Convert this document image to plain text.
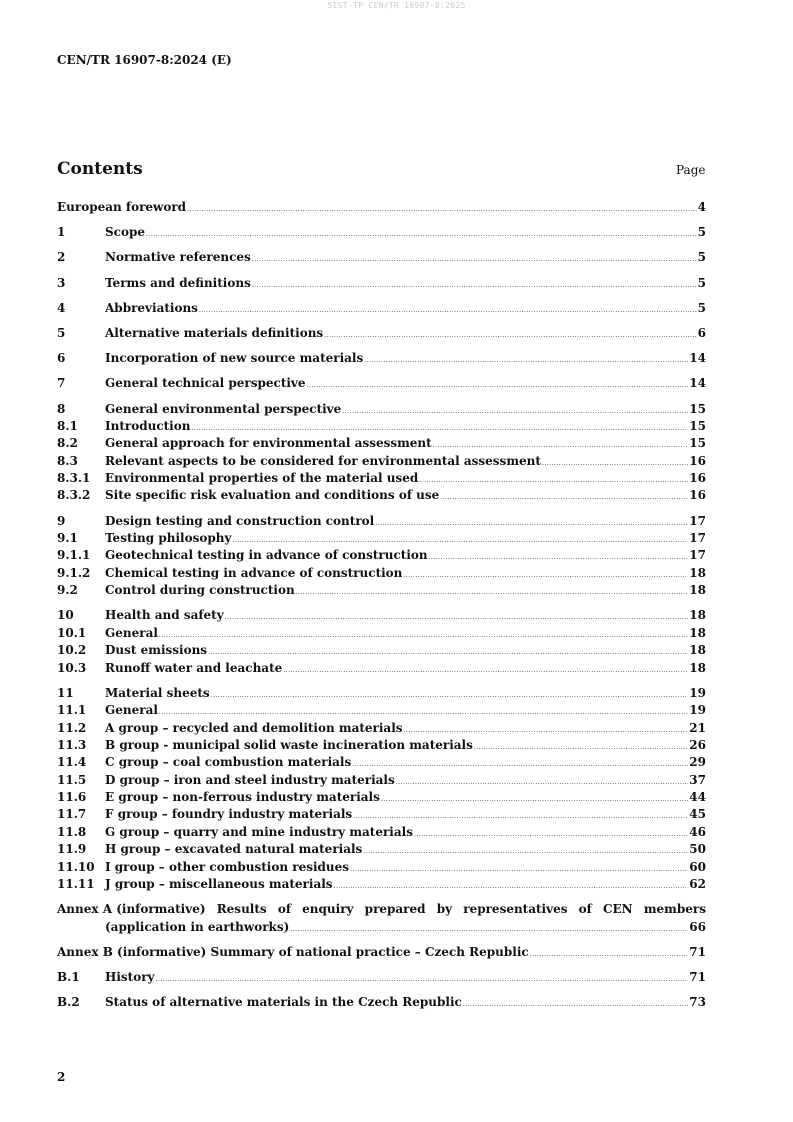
SIST-TP CEN/TR 16907-8:2025
CEN/TR 16907-8:2024 (E)
Contents	Page
European foreword .....	4
1	Scope .....	5
2	Normative references .....	5
3	Terms and definitions .....	5
4	Abbreviations .....	5
5	Alternative materials definitions .....	6
6	Incorporation of new source materials .....	14
7	General technical perspective .....	14
8	General environmental perspective .....	15
8.1	Introduction .....	15
8.2	General approach for environmental assessment .....	15
8.3	Relevant aspects to be considered for environmental assessment .....	16
8.3.1	Environmental properties of the material used .....	16
8.3.2	Site specific risk evaluation and conditions of use .....	16
9	Design testing and construction control .....	17
9.1	Testing philosophy .....	17
9.1.1	Geotechnical testing in advance of construction .....	17
9.1.2	Chemical testing in advance of construction .....	18
9.2	Control during construction .....	18
10	Health and safety .....	18
10.1	General .....	18
10.2	Dust emissions .....	18
10.3	Runoff water and leachate .....	18
11	Material sheets .....	19
11.1	General .....	19
11.2	A group – recycled and demolition materials .....	21
11.3	B group - municipal solid waste incineration materials .....	26
11.4	C group – coal combustion materials .....	29
11.5	D group – iron and steel industry materials .....	37
11.6	E group – non-ferrous industry materials .....	44
11.7	F group – foundry industry materials .....	45
11.8	G group – quarry and mine industry materials .....	46
11.9	H group – excavated natural materials .....	50
11.10 I group – other combustion residues .....	60
11.11 J group – miscellaneous materials .....	62
Annex A (informative) Results of enquiry prepared by representatives of CEN members
(application in earthworks) .....	66
Annex B (informative) Summary of national practice – Czech Republic .....	71
B.1	History .....	71
B.2	Status of alternative materials in the Czech Republic .....	73
2
